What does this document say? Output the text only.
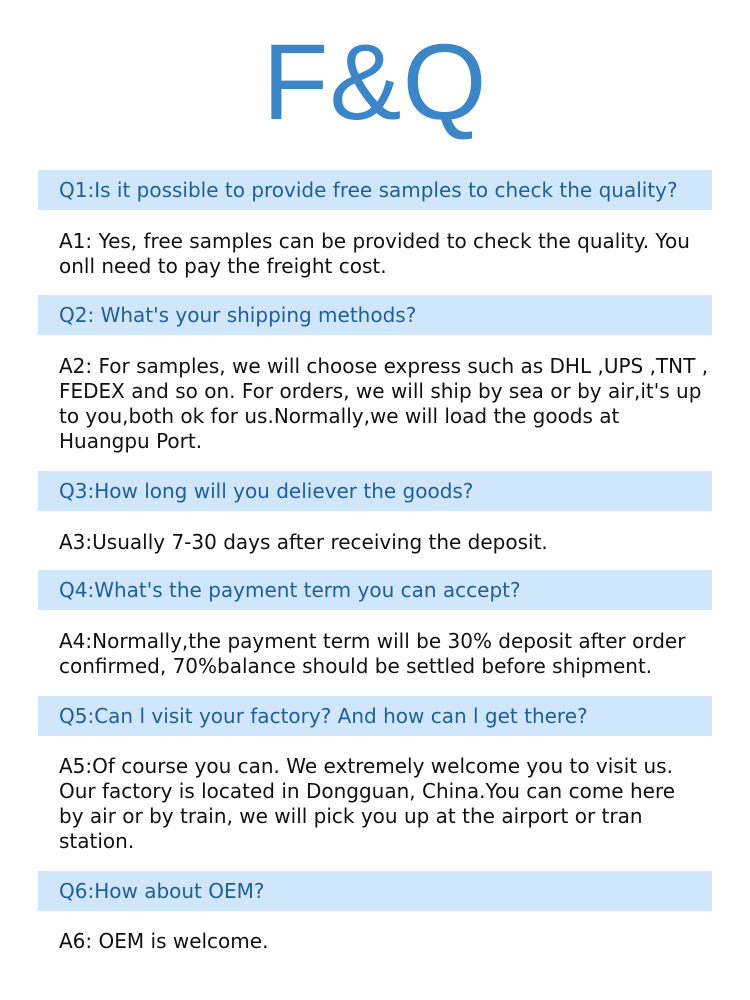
F&Q
Q1:Is it possible to provide free samples to check the quality?

A1: Yes, free samples can be provided to check the quality. You

onll need to pay the freight cost.

Q2: What's your shipping methods?

A2: For samples, we will choose express such as DHL ,UPS ,TNT ,

FEDEX and so on. For orders, we will ship by sea or by air,it's up

to you,both ok for us.Normally,we will load the goods at

Huangpu Port.

Q3:How long will you deliever the goods?

A3:Usually 7-30 days after receiving the deposit.

Q4:What's the payment term you can accept?

A4:Normally,the payment term will be 30% deposit after order

confirmed, 70%balance should be settled before shipment.

Q5:Can l visit your factory? And how can l get there?

A5:Of course you can. We extremely welcome you to visit us.

Our factory is located in Dongguan, China.You can come here

by air or by train, we will pick you up at the airport or tran

station.

Q6:How about OEM?

A6: OEM is welcome.
